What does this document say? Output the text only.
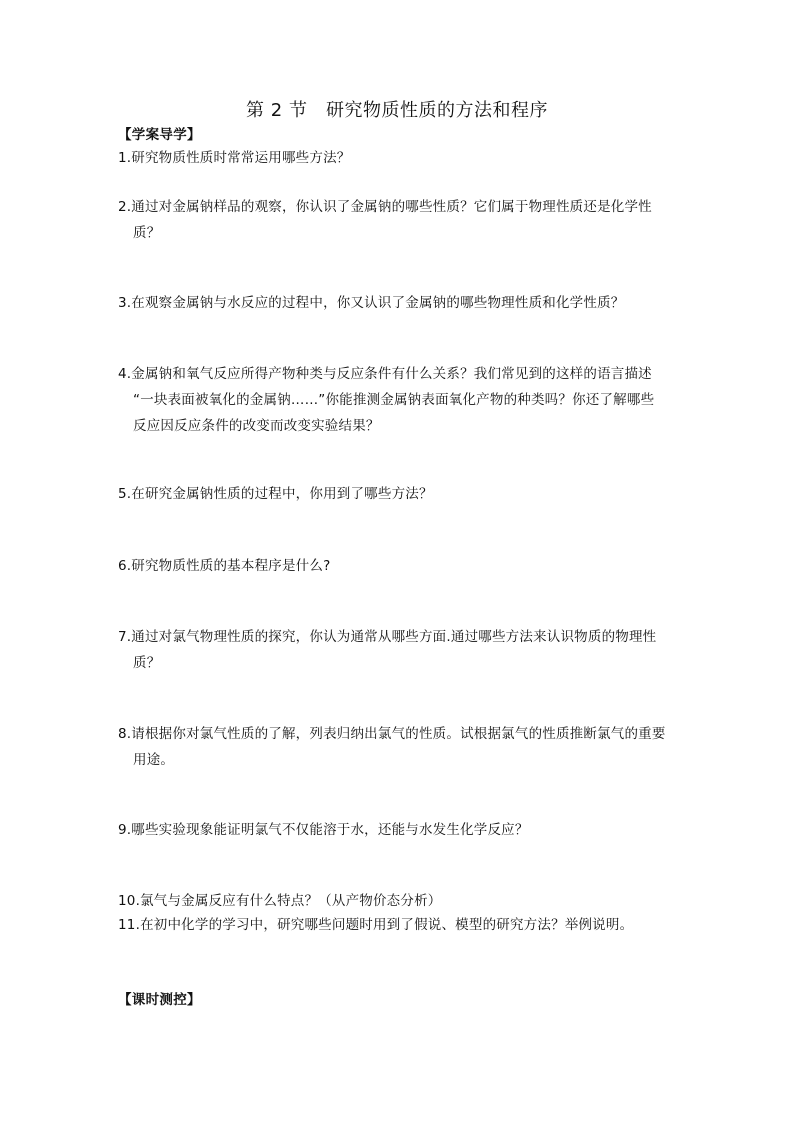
第 2 节　研究物质性质的方法和程序
【学案导学】
1.研究物质性质时常常运用哪些方法？
2.通过对金属钠样品的观察，你认识了金属钠的哪些性质？它们属于物理性质还是化学性
质？
3.在观察金属钠与水反应的过程中，你又认识了金属钠的哪些物理性质和化学性质？
4.金属钠和氧气反应所得产物种类与反应条件有什么关系？我们常见到的这样的语言描述
“一块表面被氧化的金属钠……”你能推测金属钠表面氧化产物的种类吗？你还了解哪些
反应因反应条件的改变而改变实验结果？
5.在研究金属钠性质的过程中，你用到了哪些方法？
6.研究物质性质的基本程序是什么?
7.通过对氯气物理性质的探究，你认为通常从哪些方面.通过哪些方法来认识物质的物理性
质？
8.请根据你对氯气性质的了解，列表归纳出氯气的性质。试根据氯气的性质推断氯气的重要
用途。
9.哪些实验现象能证明氯气不仅能溶于水，还能与水发生化学反应？
10.氯气与金属反应有什么特点？（从产物价态分析）
11.在初中化学的学习中，研究哪些问题时用到了假说、模型的研究方法？举例说明。
【课时测控】
